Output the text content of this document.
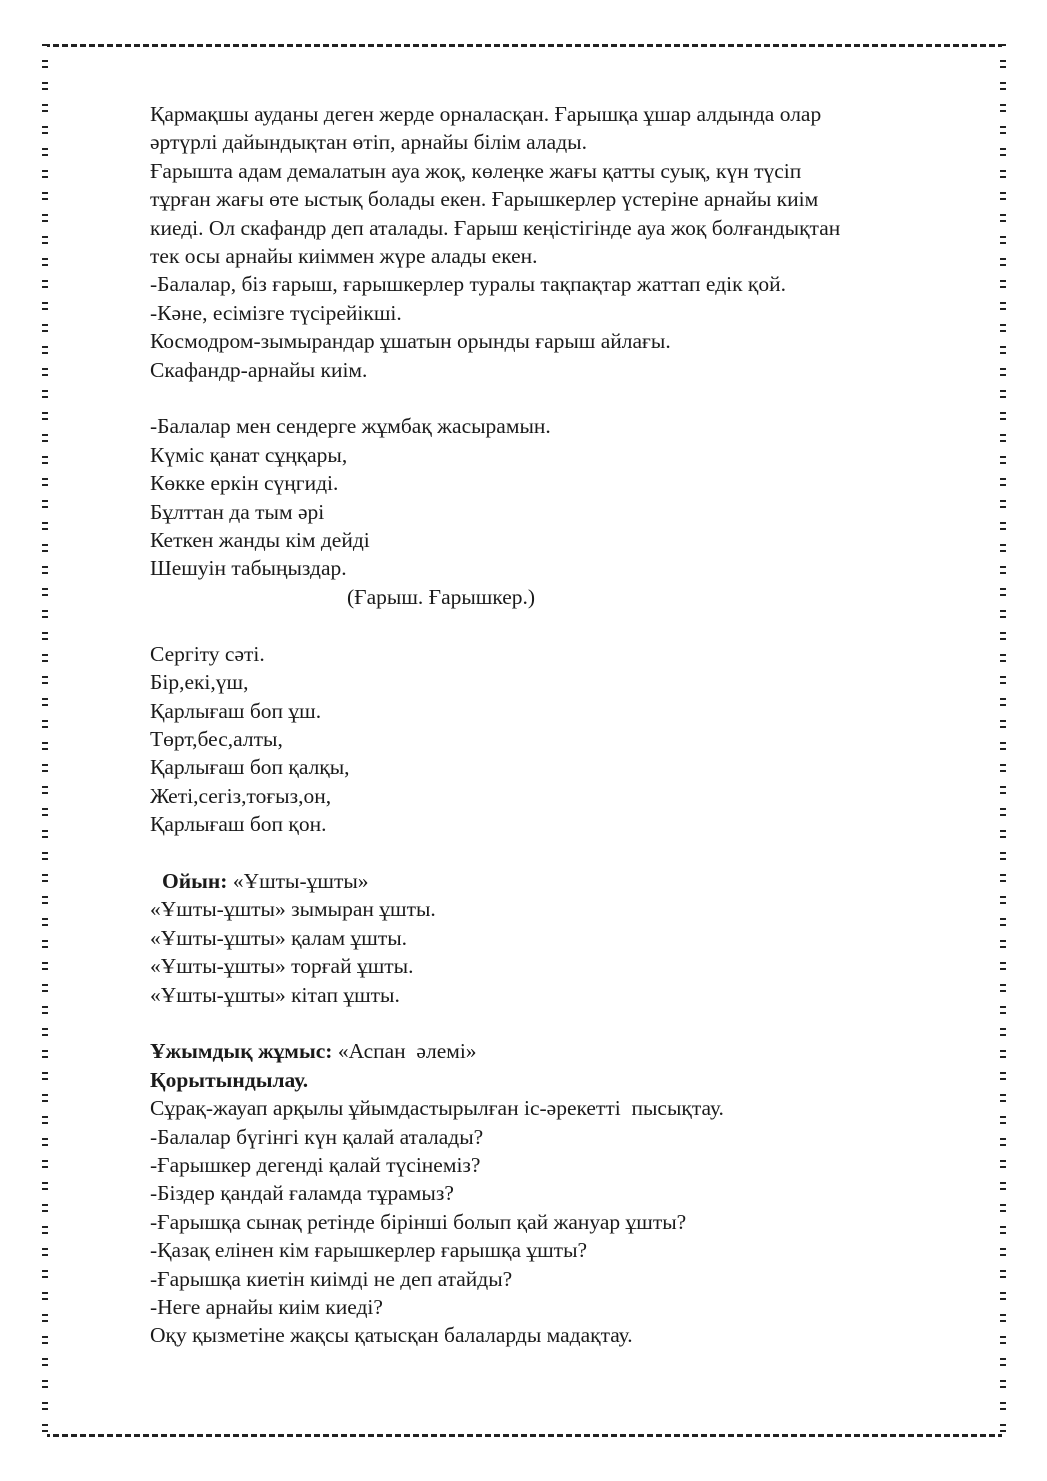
Қармақшы ауданы деген жерде орналасқан. Ғарышқа ұшар алдында олар

әртүрлі дайындықтан өтіп, арнайы білім алады.

Ғарышта адам демалатын ауа жоқ, көлеңке жағы қатты суық, күн түсіп

тұрған жағы өте ыстық болады екен. Ғарышкерлер үстеріне арнайы киім

киеді. Ол скафандр деп аталады. Ғарыш кеңістігінде ауа жоқ болғандықтан

тек осы арнайы киіммен жүре алады екен.

-Балалар, біз ғарыш, ғарышкерлер туралы тақпақтар жаттап едік қой.

-Кәне, есімізге түсірейікші.

Космодром-зымырандар ұшатын орынды ғарыш айлағы.

Скафандр-арнайы киім.

-Балалар мен сендерге жұмбақ жасырамын.

Күміс қанат сұңқары,

Көкке еркін сүңгиді.

Бұлттан да тым әрі

Кеткен жанды кім дейді

Шешуін табыңыздар.

(Ғарыш. Ғарышкер.)

Сергіту сәті.

Бір,екі,үш,

Қарлығаш боп ұш.

Төрт,бес,алты,

Қарлығаш боп қалқы,

Жеті,сегіз,тоғыз,он,

Қарлығаш боп қон.

Ойын: «Ұшты-ұшты»

«Ұшты-ұшты» зымыран ұшты.

«Ұшты-ұшты» қалам ұшты.

«Ұшты-ұшты» торғай ұшты.

«Ұшты-ұшты» кітап ұшты.

Ұжымдық жұмыс: «Аспан  әлемі»

Қорытындылау.

Сұрақ-жауап арқылы ұйымдастырылған іс-әрекетті  пысықтау.

-Балалар бүгінгі күн қалай аталады?

-Ғарышкер дегенді қалай түсінеміз?

-Біздер қандай ғаламда тұрамыз?

-Ғарышқа сынақ ретінде бірінші болып қай жануар ұшты?

-Қазақ елінен кім ғарышкерлер ғарышқа ұшты?

-Ғарышқа киетін киімді не деп атайды?

-Неге арнайы киім киеді?

Оқу қызметіне жақсы қатысқан балаларды мадақтау.
